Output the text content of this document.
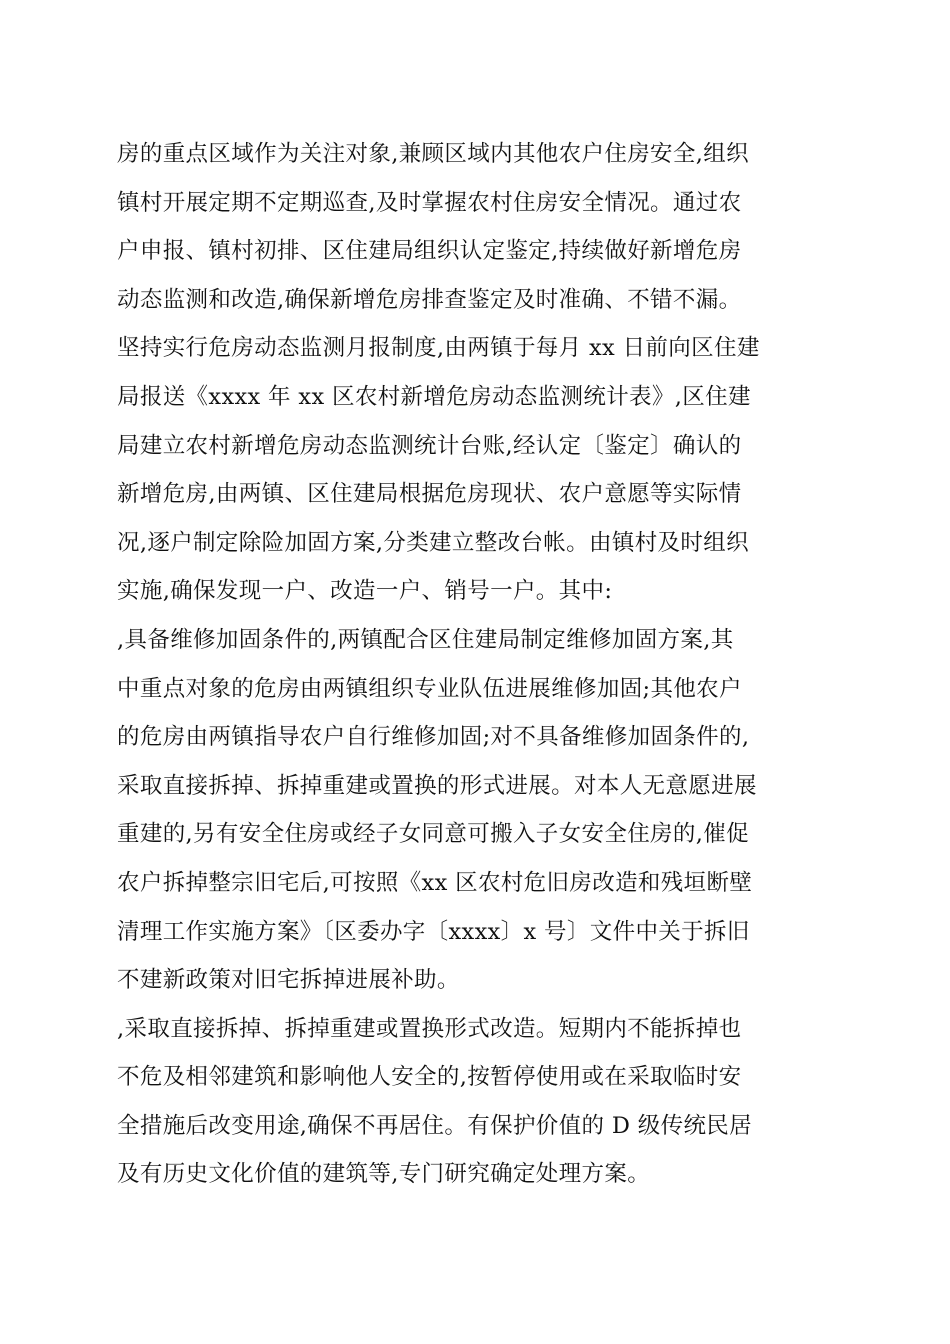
房的重点区域作为关注对象,兼顾区域内其他农户住房安全,组织
镇村开展定期不定期巡查,及时掌握农村住房安全情况。通过农
户申报、镇村初排、区住建局组织认定鉴定,持续做好新增危房
动态监测和改造,确保新增危房排查鉴定及时准确、不错不漏。
坚持实行危房动态监测月报制度,由两镇于每月 xx 日前向区住建
局报送《xxxx 年 xx 区农村新增危房动态监测统计表》,区住建
局建立农村新增危房动态监测统计台账,经认定〔鉴定〕确认的
新增危房,由两镇、区住建局根据危房现状、农户意愿等实际情
况,逐户制定除险加固方案,分类建立整改台帐。由镇村及时组织
实施,确保发现一户、改造一户、销号一户。其中:
,具备维修加固条件的,两镇配合区住建局制定维修加固方案,其
中重点对象的危房由两镇组织专业队伍进展维修加固;其他农户
的危房由两镇指导农户自行维修加固;对不具备维修加固条件的,
采取直接拆掉、拆掉重建或置换的形式进展。对本人无意愿进展
重建的,另有安全住房或经子女同意可搬入子女安全住房的,催促
农户拆掉整宗旧宅后,可按照《xx 区农村危旧房改造和残垣断壁
清理工作实施方案》〔区委办字〔xxxx〕x 号〕文件中关于拆旧
不建新政策对旧宅拆掉进展补助。
,采取直接拆掉、拆掉重建或置换形式改造。短期内不能拆掉也
不危及相邻建筑和影响他人安全的,按暂停使用或在采取临时安
全措施后改变用途,确保不再居住。有保护价值的 D 级传统民居
及有历史文化价值的建筑等,专门研究确定处理方案。
